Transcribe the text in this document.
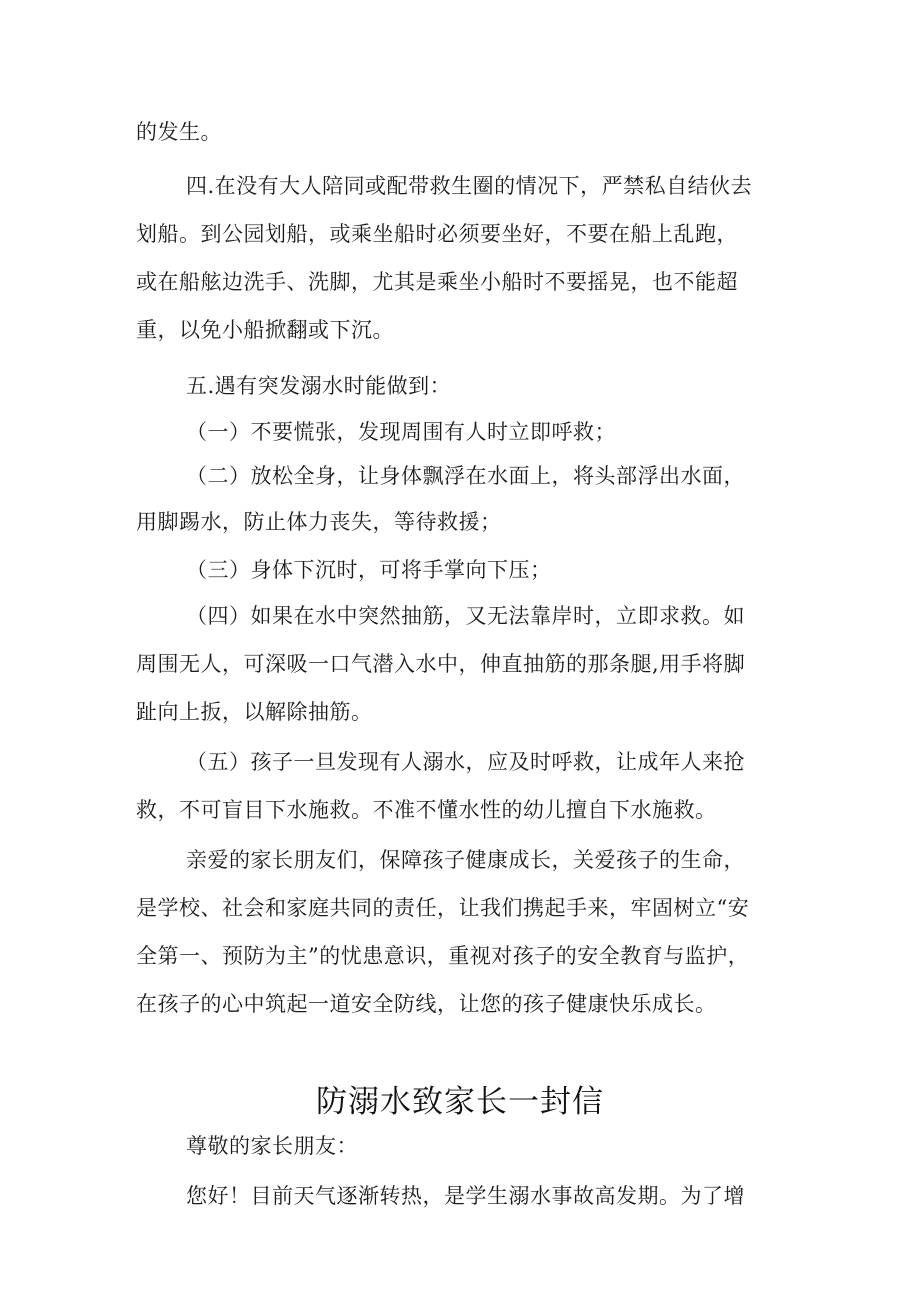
的发生。
四.在没有大人陪同或配带救生圈的情况下，严禁私自结伙去
划船。到公园划船，或乘坐船时必须要坐好，不要在船上乱跑，
或在船舷边洗手、洗脚，尤其是乘坐小船时不要摇晃，也不能超
重，以免小船掀翻或下沉。
五.遇有突发溺水时能做到：
（一）不要慌张，发现周围有人时立即呼救；
（二）放松全身，让身体飘浮在水面上，将头部浮出水面，
用脚踢水，防止体力丧失，等待救援；
（三）身体下沉时，可将手掌向下压；
（四）如果在水中突然抽筋，又无法靠岸时，立即求救。如
周围无人，可深吸一口气潜入水中，伸直抽筋的那条腿,用手将脚
趾向上扳，以解除抽筋。
（五）孩子一旦发现有人溺水，应及时呼救，让成年人来抢
救，不可盲目下水施救。不准不懂水性的幼儿擅自下水施救。
亲爱的家长朋友们，保障孩子健康成长，关爱孩子的生命，
是学校、社会和家庭共同的责任，让我们携起手来，牢固树立“安
全第一、预防为主”的忧患意识，重视对孩子的安全教育与监护，
在孩子的心中筑起一道安全防线，让您的孩子健康快乐成长。
防溺水致家长一封信
尊敬的家长朋友：
您好！目前天气逐渐转热，是学生溺水事故高发期。为了增
